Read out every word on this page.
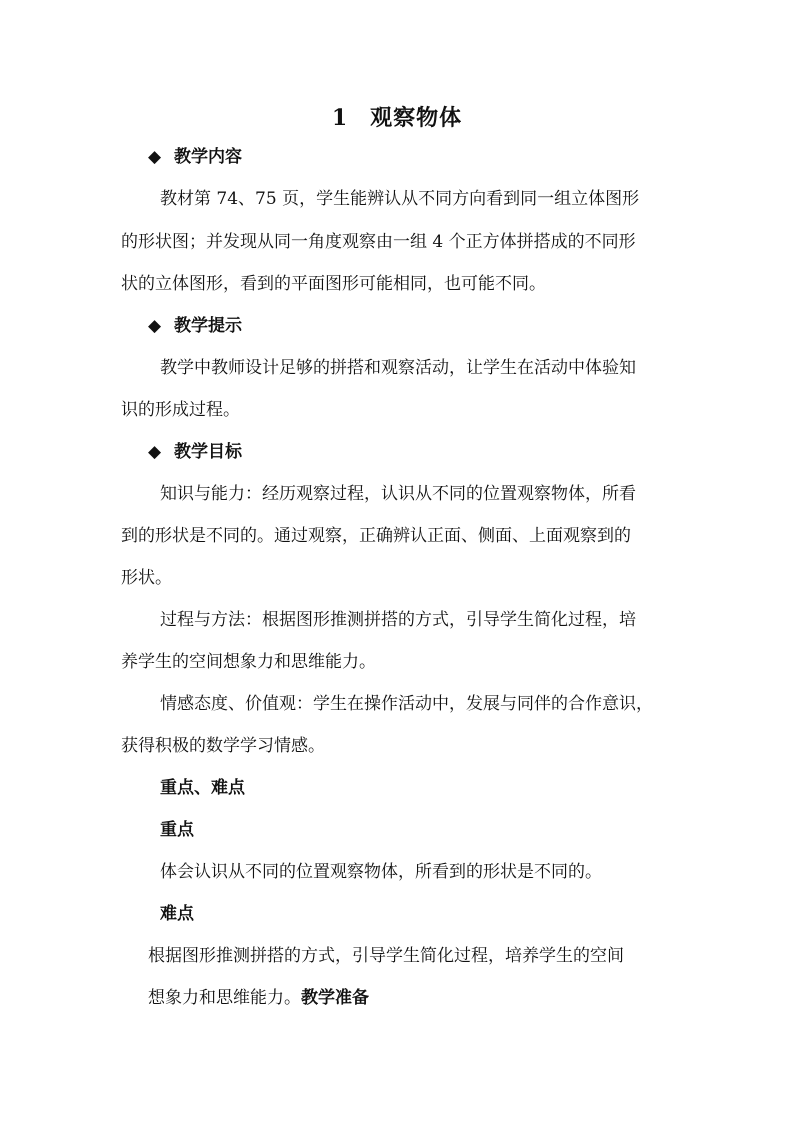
1 观察物体
◆ 教学内容
教材第 74、75 页，学生能辨认从不同方向看到同一组立体图形
的形状图；并发现从同一角度观察由一组 4 个正方体拼搭成的不同形
状的立体图形，看到的平面图形可能相同，也可能不同。
◆ 教学提示
教学中教师设计足够的拼搭和观察活动，让学生在活动中体验知
识的形成过程。
◆ 教学目标
知识与能力：经历观察过程，认识从不同的位置观察物体，所看
到的形状是不同的。通过观察，正确辨认正面、侧面、上面观察到的
形状。
过程与方法：根据图形推测拼搭的方式，引导学生简化过程，培
养学生的空间想象力和思维能力。
情感态度、价值观：学生在操作活动中，发展与同伴的合作意识，
获得积极的数学学习情感。
重点、难点
重点
体会认识从不同的位置观察物体，所看到的形状是不同的。
难点
根据图形推测拼搭的方式，引导学生简化过程，培养学生的空间
想象力和思维能力。教学准备
